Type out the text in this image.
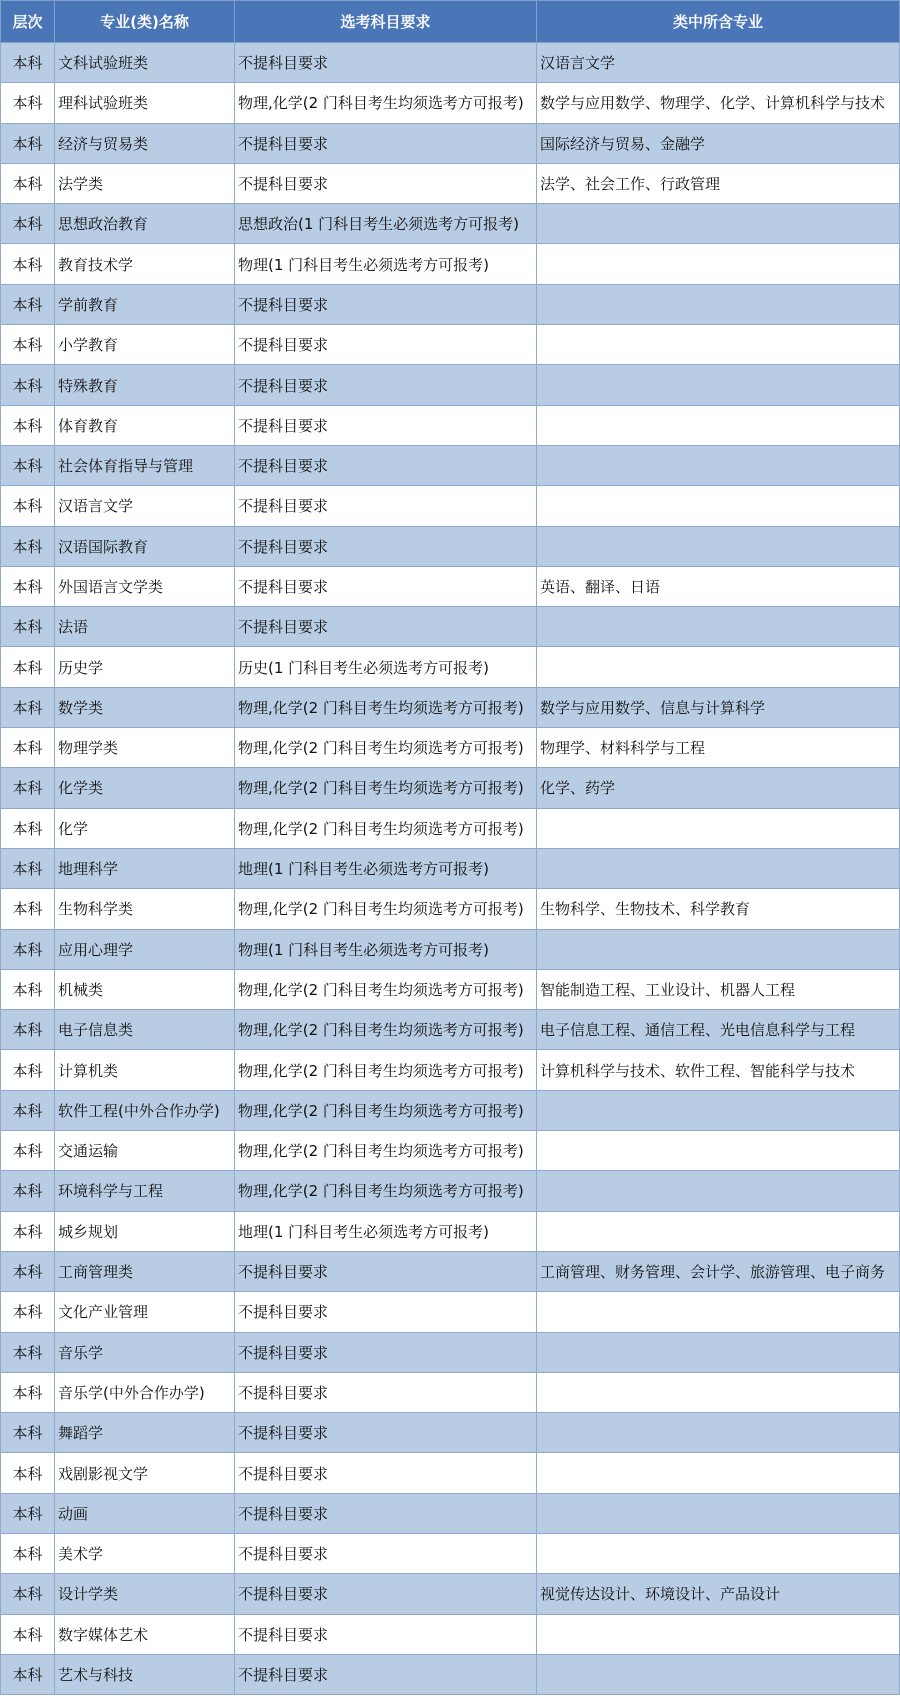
层次	专业(类)名称	选考科目要求	类中所含专业
本科	文科试验班类	不提科目要求	汉语言文学
本科	理科试验班类	物理,化学(2 门科目考生均须选考方可报考)	数学与应用数学、物理学、化学、计算机科学与技术
本科	经济与贸易类	不提科目要求	国际经济与贸易、金融学
本科	法学类	不提科目要求	法学、社会工作、行政管理
本科	思想政治教育	思想政治(1 门科目考生必须选考方可报考)	
本科	教育技术学	物理(1 门科目考生必须选考方可报考)	
本科	学前教育	不提科目要求	
本科	小学教育	不提科目要求	
本科	特殊教育	不提科目要求	
本科	体育教育	不提科目要求	
本科	社会体育指导与管理	不提科目要求	
本科	汉语言文学	不提科目要求	
本科	汉语国际教育	不提科目要求	
本科	外国语言文学类	不提科目要求	英语、翻译、日语
本科	法语	不提科目要求	
本科	历史学	历史(1 门科目考生必须选考方可报考)	
本科	数学类	物理,化学(2 门科目考生均须选考方可报考)	数学与应用数学、信息与计算科学
本科	物理学类	物理,化学(2 门科目考生均须选考方可报考)	物理学、材料科学与工程
本科	化学类	物理,化学(2 门科目考生均须选考方可报考)	化学、药学
本科	化学	物理,化学(2 门科目考生均须选考方可报考)	
本科	地理科学	地理(1 门科目考生必须选考方可报考)	
本科	生物科学类	物理,化学(2 门科目考生均须选考方可报考)	生物科学、生物技术、科学教育
本科	应用心理学	物理(1 门科目考生必须选考方可报考)	
本科	机械类	物理,化学(2 门科目考生均须选考方可报考)	智能制造工程、工业设计、机器人工程
本科	电子信息类	物理,化学(2 门科目考生均须选考方可报考)	电子信息工程、通信工程、光电信息科学与工程
本科	计算机类	物理,化学(2 门科目考生均须选考方可报考)	计算机科学与技术、软件工程、智能科学与技术
本科	软件工程(中外合作办学)	物理,化学(2 门科目考生均须选考方可报考)	
本科	交通运输	物理,化学(2 门科目考生均须选考方可报考)	
本科	环境科学与工程	物理,化学(2 门科目考生均须选考方可报考)	
本科	城乡规划	地理(1 门科目考生必须选考方可报考)	
本科	工商管理类	不提科目要求	工商管理、财务管理、会计学、旅游管理、电子商务
本科	文化产业管理	不提科目要求	
本科	音乐学	不提科目要求	
本科	音乐学(中外合作办学)	不提科目要求	
本科	舞蹈学	不提科目要求	
本科	戏剧影视文学	不提科目要求	
本科	动画	不提科目要求	
本科	美术学	不提科目要求	
本科	设计学类	不提科目要求	视觉传达设计、环境设计、产品设计
本科	数字媒体艺术	不提科目要求	
本科	艺术与科技	不提科目要求	
